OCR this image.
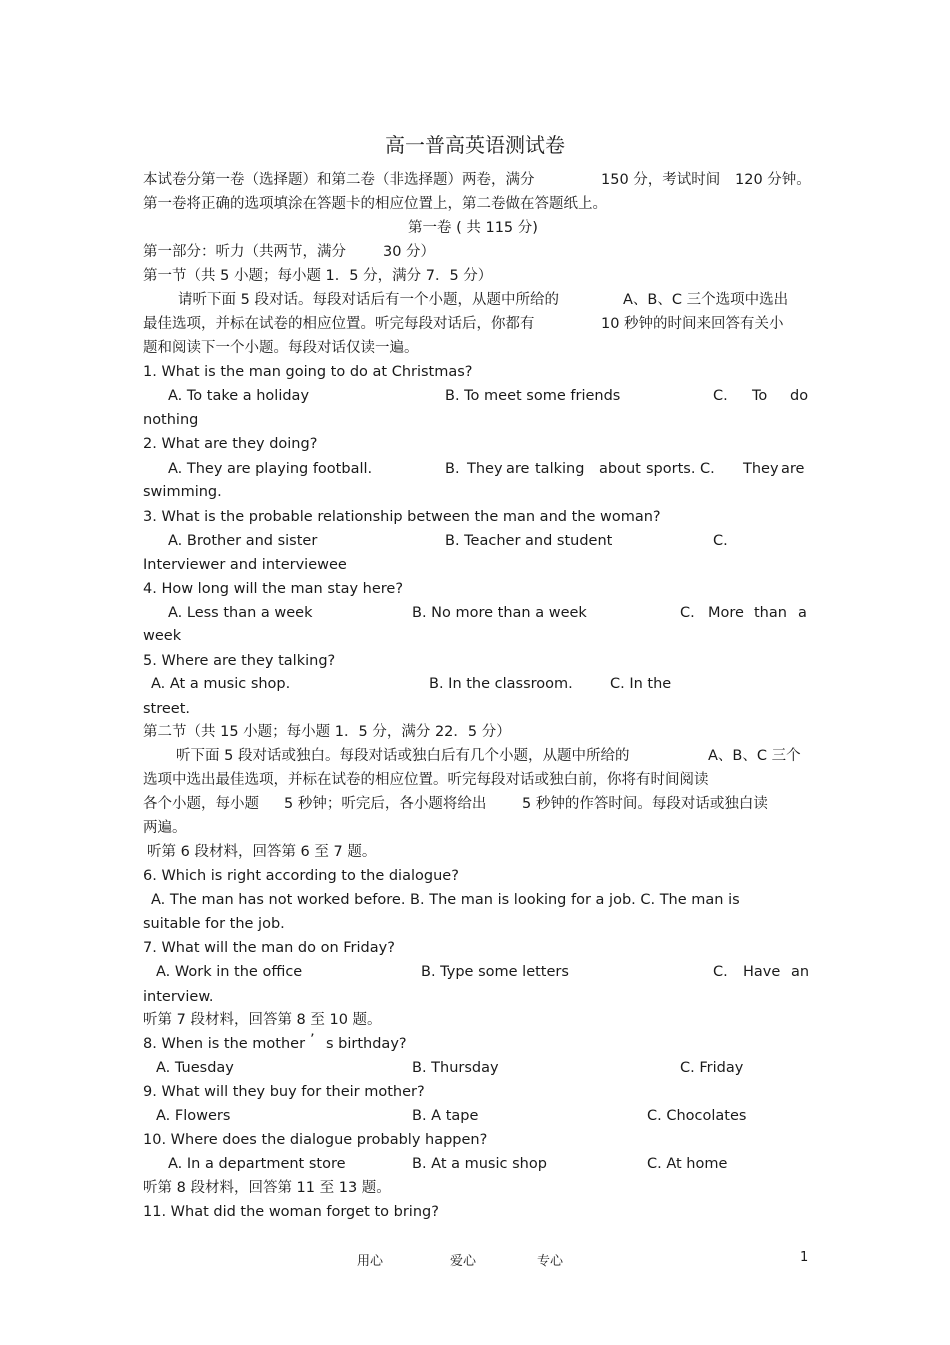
高一普高英语测试卷
本试卷分第一卷（选择题）和第二卷（非选择题）两卷，满分	150 分，考试时间 120 分钟。
第一卷将正确的选项填涂在答题卡的相应位置上，第二卷做在答题纸上。
第一卷 ( 共 115 分)
第一部分：听力（共两节，满分	30 分）
第一节（共 5 小题；每小题 1．5 分，满分 7．5 分）
请听下面 5 段对话。每段对话后有一个小题，从题中所给的	A、B、C 三个选项中选出
最佳选项，并标在试卷的相应位置。听完每段对话后，你都有	10 秒钟的时间来回答有关小
题和阅读下一个小题。每段对话仅读一遍。
1. What is the man going to do at Christmas?
A. To take a holiday	B. To meet some friends	C. To do
nothing
2. What are they doing?
A. They are playing football.	B. They are talking about sports. C. They are
swimming.
3. What is the probable relationship between the man and the woman?
A. Brother and sister	B. Teacher and student	C.
Interviewer and interviewee
4. How long will the man stay here?
A. Less than a week	B. No more than a week	C. More than a
week
5. Where are they talking?
A. At a music shop.	B. In the classroom.	C. In the
street.
第二节（共 15 小题；每小题 1．5 分，满分 22．5 分）
听下面 5 段对话或独白。每段对话或独白后有几个小题，从题中所给的	A、B、C 三个
选项中选出最佳选项，并标在试卷的相应位置。听完每段对话或独白前，你将有时间阅读
各个小题，每小题 5 秒钟；听完后，各小题将给出 5 秒钟的作答时间。每段对话或独白读
两遍。
听第 6 段材料，回答第 6 至 7 题。
6. Which is right according to the dialogue?
A. The man has not worked before. B. The man is looking for a job. C. The man is
suitable for the job.
7. What will the man do on Friday?
A. Work in the office	B. Type some letters	C. Have an
interview.
听第 7 段材料，回答第 8 至 10 题。
8. When is the mother ’ s birthday?
A. Tuesday	B. Thursday	C. Friday
9. What will they buy for their mother?
A. Flowers	B. A tape	C. Chocolates
10. Where does the dialogue probably happen?
A. In a department store	B. At a music shop	C. At home
听第 8 段材料，回答第 11 至 13 题。
11. What did the woman forget to bring?
用心	爱心	专心	1
